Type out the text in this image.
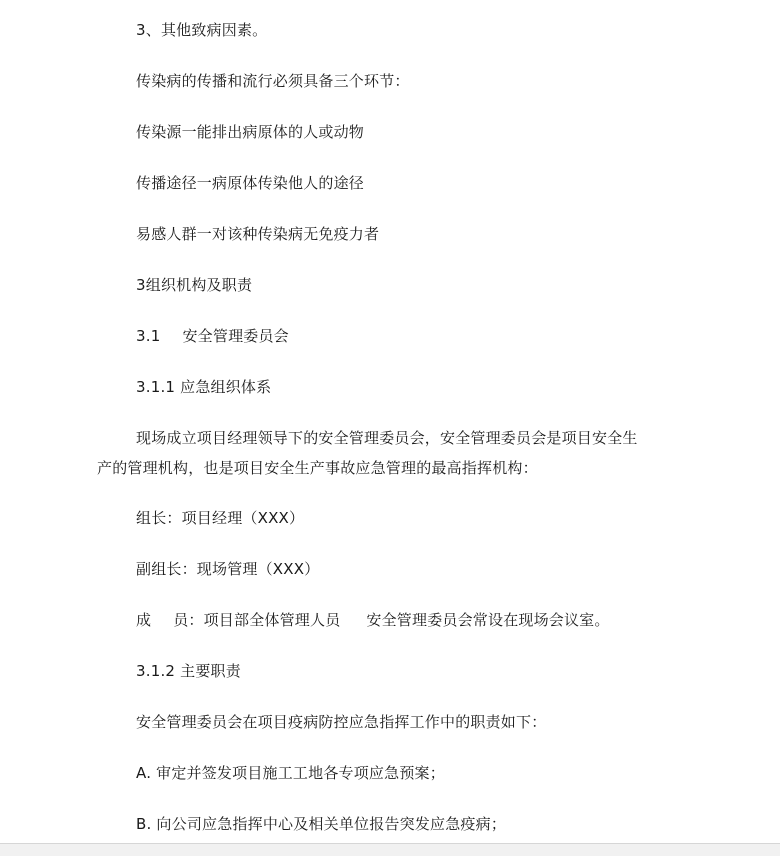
3、其他致病因素。
传染病的传播和流行必须具备三个环节：
传染源一能排出病原体的人或动物
传播途径一病原体传染他人的途径
易感人群一对该种传染病无免疫力者
3组织机构及职责
3.1 安全管理委员会
3.1.1 应急组织体系
现场成立项目经理领导下的安全管理委员会，安全管理委员会是项目安全生
产的管理机构，也是项目安全生产事故应急管理的最高指挥机构：
组长：项目经理（XXX）
副组长：现场管理（XXX）
成 员：项目部全体管理人员 安全管理委员会常设在现场会议室。
3.1.2 主要职责
安全管理委员会在项目疫病防控应急指挥工作中的职责如下：
A. 审定并签发项目施工工地各专项应急预案；
B. 向公司应急指挥中心及相关单位报告突发应急疫病；
